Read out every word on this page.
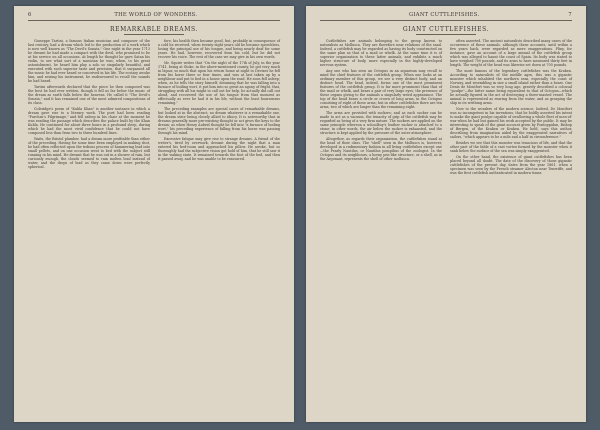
6	THE WORLD OF WONDERS.
REMARKABLE DREAMS.

Giuseppe Tartini, a famous Italian musician and composer of the last century, had a dream which led to the production of a work which is now well known as "The Devil's Sonata." One night in the year 1713 he dreamt he had made a compact with the devil, who promised to be at his service on all occasions. At length he thought he gave Satan his violin, to see what sort of a musician he was; when, to his great astonishment, he heard him play a solo so singularly beautiful, and executed with such superior taste and precision, that it surpassed all the music he had ever heard or conceived in his life. The ecstasy awoke him, and seizing his instrument, he endeavoured to recall the sounds he had heard.

Tartini afterwards declared that the piece he then composed was the best he had ever written, though it fell as far below the music of the dream as earth falls below the heavens. He called it "The Devil's Sonata," and it has remained one of the most admired compositions of its class.

Coleridge's poem of "Kubla Khan" is another instance in which a dream gave rise to a literary work. The poet had been reading "Purchas's Pilgrimage," and fell asleep in his chair at the moment he was reading the passage which describes the palace built by the Khan Kubla. He continued for about three hours in a profound sleep, during which he had the most vivid confidence that he could not have composed less than from two to three hundred lines.

Waits, the Bristol plumber, had a dream more profitable than either of the preceding. Having for some time been employed in making shot, he had often reflected upon the tedious process of hammering lead into small pellets, and on one occasion went to bed with the subject still running in his mind. He dreamt that he was out in a shower of rain, but curiously enough, the clouds seemed to rain molten lead instead of water, and the drops of lead as they came down were perfectly spherical.

fore, his health then became good, but, probably in consequence of a cold he received, when twenty-eight years old he became speechless, losing the principal use of his tongue, and being nearly deaf for some years. He had, however, recovered from his cold, but he did not recover his voice. The rest of the case we may give in his own words.

Mr. Squire writes that "On the night of the 17th of July, in the year 1741, being at Stoke, in the above-mentioned county, he got very much in liquor, so much that upon his return home at night to Devizes he fell from his horse three or four times, and was at last taken up by a neighbour and put to bed in a house upon the road. He soon fell asleep; when, as he tells the story himself, dreaming that he was falling into a furnace of boiling wort, it put him into so great an agony of fright, that, struggling with all his might to call out for help, he actually did call out aloud, and recovered the use of his tongue from that moment as effectually as ever he had it in his life, without the least hoarseness remaining."

The preceding examples are special cases of remarkable dreams, but looked at in the abstract, no dream whatever is a remarkable one, the dream state being closely allied to idiocy. It is noteworthy that in dreams generally more pre-existing thought or act gives the keys to the dream; as when Henry Aubrid thought he fell into "a furnace of boiling wort," his preceding experience of falling from his horse was passing through his mind.

Excessive fatigue may give rise to strange dreams. A friend of the writer's, tired by overwork, dreamt during the night that a man entered his bed-room and approached his pillow. He awoke, but so thoroughly had the subjective vision got hold of him, that he still saw it in the waking state. It remained towards the foot of the bed, and then it passed away, and he was unable to be reassured.

GIANT CUTTLEFISHES.	7
GIANT CUTTLEFISHES.

Cuttlefishes are animals belonging to the group known to naturalists as Mollusca. They are therefore near relations of the snail. Indeed, a cuttlefish may be regarded as having its body constructed on the same plan as that of a snail or whelk. At the same time it is of superior organization to these latter animals, and exhibits a much higher structure of body, more especially in the highly-developed nervous system.

Any one who has seen an Octopus in an aquarium may recall to mind the chief features of the cuttlefish group. When one looks at an ordinary member of this group, we see a very distinct body, and an distinct head. The head, indeed, forms one of the most prominent features of the cuttlefish group. It is far more prominent than that of the snail or whelk, and bears a pair of very large eyes; the presence of these organs giving to the animals a singularly weird appearance. The top of the head bears a circle or crown of long arms, in the Octopus consisting of eight of these arms; but in other cuttlefishes there are ten arms, two of which are longer than the remaining eight.

The arms are provided with suckers; and as each sucker can be made to act as a vacuum, the tenacity of grip of the cuttlefish may be regarded as being of a very firm nature. The suckers are applied on the same principle whereon a schoolboy's leather sucker is attached to a stone; in other words, the air below the sucker is exhausted, and the structure is kept applied by the pressure of the outer atmosphere.

Altogether, as regards their organization, the cuttlefishes stand at the head of their class. The "shell" seen in the Molluscs is, however, developed in a rudimentary fashion in all living cuttlefishes except one—the Pearly Nautilus, or Nautilus pompilius of the zoologist. In the Octopus and its neighbours, a horny pen-like structure, or a shell, as in the Argonaut, represents the shell of other mollusca.

often asserted. The ancient naturalists described many cases of the occurrence of these animals, although these accounts, until within a few years back, were regarded as mere exaggerations. Pliny, for instance, gave an account of a large animal of the cuttlefish group which was alleged to haunt the coast of Spain. Its body was stated to have weighed 700 pounds, and its arms to have measured thirty feet in length. The weight of the head was likewise set down at 700 pounds.

The most famous of the legendary cuttlefishes was the Kraken. According to naturalists of the middle ages, this was a gigantic monster which inhabited the northern seas, especially the coast of Norway, and resembling in size a small island rather than a beast. One Denis de Montfort was so very long ago, gravely described a colossal "poulpe"—the latter name being equivalent to that of Octopus—which he actually figured in the act of destroying a three-masted vessel. The animal is represented as rearing from the water, and as grasping the ship in its writhing arms.

Now to the wonders of the modern science. Indeed, De Montfort was so incompetent in his inventions, that he boldly asserted his intent to make the giant poulpe capable of swallowing a whole fleet of men-of-war when he had but gained his work accepted by the public. It may be interesting to speak of the giant account given by Pontoppidan, Bishop of Bergen, of the Kraken or Kraken. He held, says this author, describing from imagination aided by the exaggerated narratives of sailors, "which appears to be a mile and a half in circumference."

Besides we see that this monster was tenacious of life, and that the other part of the fable of a vast vortex formed by the monster when it sank below the surface of the sea was simply exaggerated.

On the other hand, the existence of giant cuttlefishes has been placed beyond all doubt. The date of the discovery of those gigantic cuttlefishes of the present day, dates from the year 1861, when a specimen was seen by the French steamer Alecton near Teneriffe, and was the first cuttlefish authenticated in modern times.
